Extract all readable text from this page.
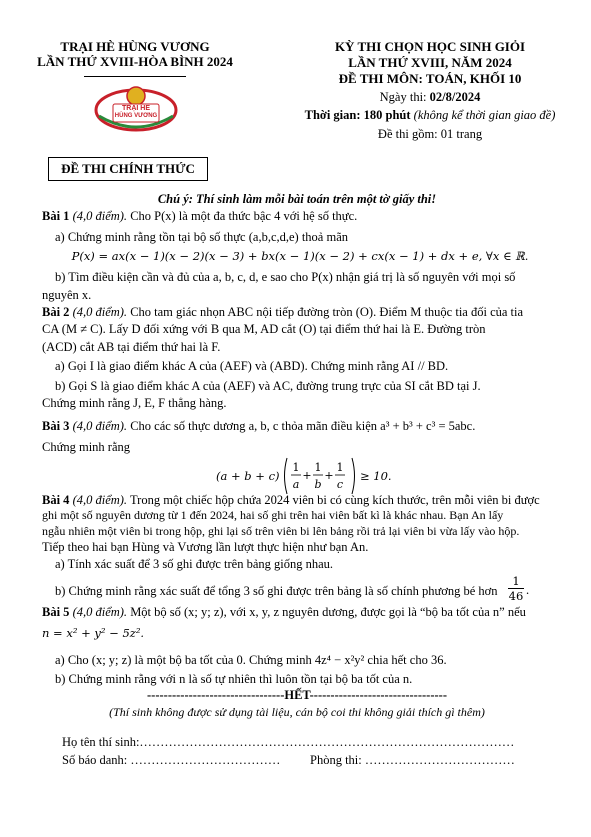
TRẠI HÈ HÙNG VƯƠNG
LẦN THỨ XVIII-HÒA BÌNH 2024
TRẠI HÈ
HÙNG VƯƠNG
ĐỀ THI CHÍNH THỨC
KỲ THI CHỌN HỌC SINH GIỎI
LẦN THỨ XVIII, NĂM 2024
ĐỀ THI MÔN: TOÁN, KHỐI 10
Ngày thi: 02/8/2024
Thời gian: 180 phút (không kể thời gian giao đề)
Đề thi gồm: 01 trang
Chú ý: Thí sinh làm mỗi bài toán trên một tờ giấy thi!
Bài 1 (4,0 điểm). Cho P(x) là một đa thức bậc 4 với hệ số thực.
a) Chứng minh rằng tồn tại bộ số thực (a,b,c,d,e) thoả mãn
P(x) = ax(x − 1)(x − 2)(x − 3) + bx(x − 1)(x − 2) + cx(x − 1) + dx + e, ∀x ∈ ℝ.
b) Tìm điều kiện cần và đủ của a, b, c, d, e sao cho P(x) nhận giá trị là số nguyên với mọi số
nguyên x.
Bài 2 (4,0 điểm). Cho tam giác nhọn ABC nội tiếp đường tròn (O). Điểm M thuộc tia đối của tia
CA (M ≠ C). Lấy D đối xứng với B qua M, AD cắt (O) tại điểm thứ hai là E. Đường tròn
(ACD) cắt AB tại điểm thứ hai là F.
a) Gọi I là giao điểm khác A của (AEF) và (ABD). Chứng minh rằng AI // BD.
b) Gọi S là giao điểm khác A của (AEF) và AC, đường trung trực của SI cắt BD tại J.
Chứng minh rằng J, E, F thẳng hàng.
Bài 3 (4,0 điểm). Cho các số thực dương a, b, c thỏa mãn điều kiện a³ + b³ + c³ = 5abc.
Chứng minh rằng
(a + b + c)
1
a
+
1
b
+
1
c
≥ 10.
Bài 4 (4,0 điểm). Trong một chiếc hộp chứa 2024 viên bi có cùng kích thước, trên mỗi viên bi được
ghi một số nguyên dương từ 1 đến 2024, hai số ghi trên hai viên bất kì là khác nhau. Bạn An lấy
ngẫu nhiên một viên bi trong hộp, ghi lại số trên viên bi lên bảng rồi trả lại viên bi vừa lấy vào hộp.
Tiếp theo hai bạn Hùng và Vương lần lượt thực hiện như bạn An.
a) Tính xác suất để 3 số ghi được trên bảng giống nhau.
b) Chứng minh rằng xác suất để tổng 3 số ghi được trên bảng là số chính phương bé hơn $\frac{1}{46}$ .
Bài 5 (4,0 điểm). Một bộ số (x; y; z), với x, y, z nguyên dương, được gọi là “bộ ba tốt của n” nếu
n = x² + y² − 5z².
a) Cho (x; y; z) là một bộ ba tốt của 0. Chứng minh 4z⁴ − x²y² chia hết cho 36.
b) Chứng minh rằng với n là số tự nhiên thì luôn tồn tại bộ ba tốt của n.
---------------------------------HẾT---------------------------------
(Thí sinh không được sử dụng tài liệu, cán bộ coi thi không giải thích gì thêm)
Họ tên thí sinh:………………………………………………………………………………
Số báo danh: ……………………………… Phòng thi: ………………………………
